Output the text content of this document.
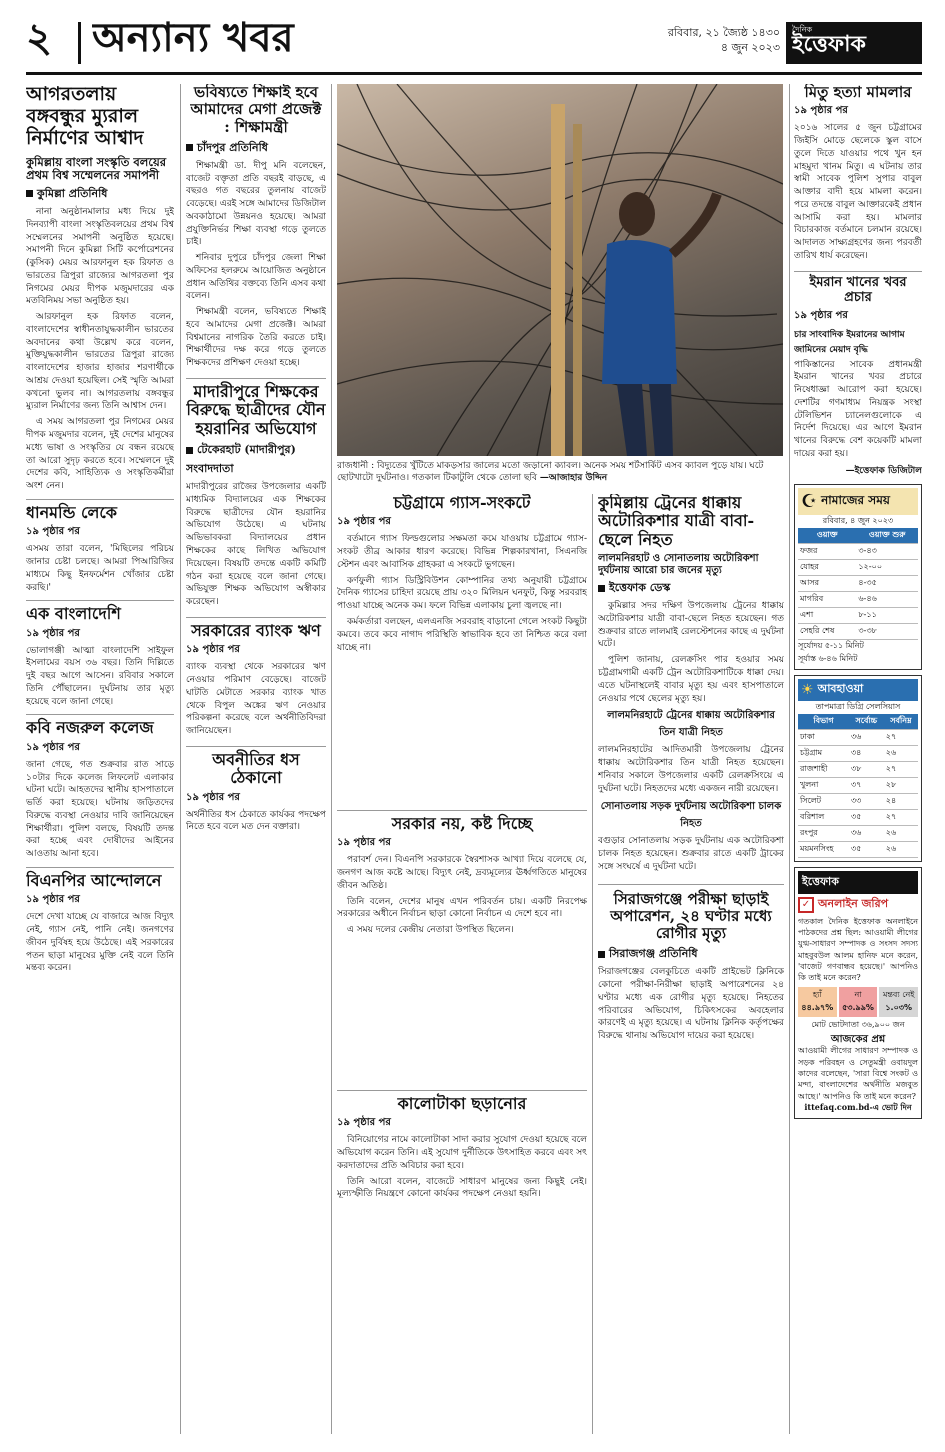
২ অন্যান্য খবর	রবিবার, ২১ জ্যৈষ্ঠ ১৪৩০
৪ জুন ২০২৩
দৈনিক
ইত্তেফাক
আগরতলায় বঙ্গবন্ধুর ম্যুরাল নির্মাণের আশ্বাদ
কুমিল্লায় বাংলা সংস্কৃতি বলয়ের প্রথম বিশ্ব সম্মেলনের সমাপনী
কুমিল্লা প্রতিনিধি

নানা অনুষ্ঠানমালার মধ্য দিয়ে দুই দিনব্যাপী বাংলা সংস্কৃতিবলয়ের প্রথম বিশ্ব সম্মেলনের সমাপনী অনুষ্ঠিত হয়েছে। সমাপনী দিনে কুমিল্লা সিটি কর্পোরেশনের (কুসিক) মেয়র আরফানুল হক রিফাত ও ভারতের ত্রিপুরা রাজ্যের আগরতলা পুর নিগমের মেয়র দীপক মজুমদারের এক মতবিনিময় সভা অনুষ্ঠিত হয়।

আরফানুল হক রিফাত বলেন, বাংলাদেশের স্বাধীনতাযুদ্ধকালীন ভারতের অবদানের কথা উল্লেখ করে বলেন, মুক্তিযুদ্ধকালীন ভারতের ত্রিপুরা রাজ্যে বাংলাদেশের হাজার হাজার শরণার্থীকে আশ্রয় দেওয়া হয়েছিল। সেই স্মৃতি আমরা কখনো ভুলব না। আগরতলায় বঙ্গবন্ধুর ম্যুরাল নির্মাণের জন্য তিনি আশ্বাস দেন।

এ সময় আগরতলা পুর নিগমের মেয়র দীপক মজুমদার বলেন, দুই দেশের মানুষের মধ্যে ভাষা ও সংস্কৃতির যে বন্ধন রয়েছে তা আরো সুদৃঢ় করতে হবে। সম্মেলনে দুই দেশের কবি, সাহিত্যিক ও সংস্কৃতিকর্মীরা অংশ নেন।

ধানমন্ডি লেকে
১৯ পৃষ্ঠার পর
এসময় তারা বলেন, 'মিছিলের পরিচয় জানার চেষ্টা চলছে। আমরা পিআরিজির মাধ্যমে কিছু ইনফর্মেশন খোঁজার চেষ্টা করছি।'
এক বাংলাদেশি
১৯ পৃষ্ঠার পর
ভোলাগঞ্জী আত্মা বাংলাদেশি সাইফুল ইসলামের বয়স ৩৬ বছর। তিনি দিল্লিতে দুই বছর আগে আসেন। রবিবার সকালে তিনি পৌঁছালেন। দুর্ঘটনায় তার মৃত্যু হয়েছে বলে জানা গেছে।
কবি নজরুল কলেজ
১৯ পৃষ্ঠার পর
জানা গেছে, গত শুক্রবার রাত সাড়ে ১০টার দিকে কলেজ লিফলেট এলাকার ঘটনা ঘটে। আহতদের স্থানীয় হাসপাতালে ভর্তি করা হয়েছে। ঘটনায় জড়িতদের বিরুদ্ধে ব্যবস্থা নেওয়ার দাবি জানিয়েছেন শিক্ষার্থীরা। পুলিশ বলছে, বিষয়টি তদন্ত করা হচ্ছে এবং দোষীদের আইনের আওতায় আনা হবে।
বিএনপির আন্দোলনে
১৯ পৃষ্ঠার পর
দেশে দেখা যাচ্ছে যে বাজারে আজ বিদ্যুৎ নেই, গ্যাস নেই, পানি নেই। জনগণের জীবন দুর্বিষহ হয়ে উঠেছে। এই সরকারের পতন ছাড়া মানুষের মুক্তি নেই বলে তিনি মন্তব্য করেন।
ভবিষ্যতে শিক্ষাই হবে আমাদের মেগা প্রজেক্ট : শিক্ষামন্ত্রী
চাঁদপুর প্রতিনিধি

শিক্ষামন্ত্রী ডা. দীপু মনি বলেছেন, বাজেট বক্তৃতা প্রতি বছরই বাড়ছে, এ বছরও গত বছরের তুলনায় বাজেট বেড়েছে। এরই সঙ্গে আমাদের ডিজিটাল অবকাঠামো উন্নয়নও হয়েছে। আমরা প্রযুক্তিনির্ভর শিক্ষা ব্যবস্থা গড়ে তুলতে চাই।

শনিবার দুপুরে চাঁদপুর জেলা শিক্ষা অফিসের হলরুমে আয়োজিত অনুষ্ঠানে প্রধান অতিথির বক্তব্যে তিনি এসব কথা বলেন।

শিক্ষামন্ত্রী বলেন, ভবিষ্যতে শিক্ষাই হবে আমাদের মেগা প্রজেক্ট। আমরা বিশ্বমানের নাগরিক তৈরি করতে চাই। শিক্ষার্থীদের দক্ষ করে গড়ে তুলতে শিক্ষকদের প্রশিক্ষণ দেওয়া হচ্ছে।

মাদারীপুরে শিক্ষকের বিরুদ্ধে ছাত্রীদের যৌন হয়রানির অভিযোগ
টেকেরহাট (মাদারীপুর) সংবাদদাতা
মাদারীপুরের রাজৈর উপজেলার একটি মাধ্যমিক বিদ্যালয়ের এক শিক্ষকের বিরুদ্ধে ছাত্রীদের যৌন হয়রানির অভিযোগ উঠেছে। এ ঘটনায় অভিভাবকরা বিদ্যালয়ের প্রধান শিক্ষকের কাছে লিখিত অভিযোগ দিয়েছেন। বিষয়টি তদন্তে একটি কমিটি গঠন করা হয়েছে বলে জানা গেছে। অভিযুক্ত শিক্ষক অভিযোগ অস্বীকার করেছেন।
সরকারের ব্যাংক ঋণ
১৯ পৃষ্ঠার পর
ব্যাংক ব্যবস্থা থেকে সরকারের ঋণ নেওয়ার পরিমাণ বেড়েছে। বাজেট ঘাটতি মেটাতে সরকার ব্যাংক খাত থেকে বিপুল অঙ্কের ঋণ নেওয়ার পরিকল্পনা করেছে বলে অর্থনীতিবিদরা জানিয়েছেন।
অবনীতির ধস ঠেকানো
১৯ পৃষ্ঠার পর
অর্থনীতির ধস ঠেকাতে কার্যকর পদক্ষেপ নিতে হবে বলে মত দেন বক্তারা।
রাজধানী : বিদ্যুতের খুঁটিতে মাকড়সার জালের মতো জড়ানো ক্যাবল। অনেক সময় শর্টসার্কিট এসব ক্যাবল পুড়ে যায়। ঘটে ছোটখাটো দুর্ঘটনাও। গতকাল টিকাটুলি থেকে তোলা ছবি —আজাহার উদ্দিন
চট্টগ্রামে গ্যাস-সংকটে
১৯ পৃষ্ঠার পর

বর্তমানে গ্যাস ফিল্ডগুলোর সক্ষমতা কমে যাওয়ায় চট্টগ্রামে গ্যাস-সংকট তীব্র আকার ধারণ করেছে। বিভিন্ন শিল্পকারখানা, সিএনজি স্টেশন এবং আবাসিক গ্রাহকরা এ সংকটে ভুগছেন।

কর্ণফুলী গ্যাস ডিস্ট্রিবিউশন কোম্পানির তথ্য অনুযায়ী চট্টগ্রামে দৈনিক গ্যাসের চাহিদা রয়েছে প্রায় ৩২০ মিলিয়ন ঘনফুট, কিন্তু সরবরাহ পাওয়া যাচ্ছে অনেক কম। ফলে বিভিন্ন এলাকায় চুলা জ্বলছে না।

কর্মকর্তারা বলছেন, এলএনজি সরবরাহ বাড়ানো গেলে সংকট কিছুটা কমবে। তবে কবে নাগাদ পরিস্থিতি স্বাভাবিক হবে তা নিশ্চিত করে বলা যাচ্ছে না।

সরকার নয়, কষ্ট দিচ্ছে
১৯ পৃষ্ঠার পর

পরাবর্শ দেন। বিএনপি সরকারকে স্বৈরশাসক আখ্যা দিয়ে বলেছে যে, জনগণ আজ কষ্টে আছে। বিদ্যুৎ নেই, দ্রব্যমূল্যের ঊর্ধ্বগতিতে মানুষের জীবন অতিষ্ঠ।

তিনি বলেন, দেশের মানুষ এখন পরিবর্তন চায়। একটি নিরপেক্ষ সরকারের অধীনে নির্বাচন ছাড়া কোনো নির্বাচন এ দেশে হবে না।

এ সময় দলের কেন্দ্রীয় নেতারা উপস্থিত ছিলেন।

কালোটাকা ছড়ানোর
১৯ পৃষ্ঠার পর

বিনিয়োগের নামে কালোটাকা সাদা করার সুযোগ দেওয়া হয়েছে বলে অভিযোগ করেন তিনি। এই সুযোগ দুর্নীতিকে উৎসাহিত করবে এবং সৎ করদাতাদের প্রতি অবিচার করা হবে।

তিনি আরো বলেন, বাজেটে সাধারণ মানুষের জন্য কিছুই নেই। মূল্যস্ফীতি নিয়ন্ত্রণে কোনো কার্যকর পদক্ষেপ নেওয়া হয়নি।

কুমিল্লায় ট্রেনের ধাক্কায় অটোরিকশার যাত্রী বাবা-ছেলে নিহত
লালমনিরহাট ও সোনাতলায় অটোরিকশা দুর্ঘটনায় আরো চার জনের মৃত্যু
ইত্তেফাক ডেস্ক

কুমিল্লার সদর দক্ষিণ উপজেলায় ট্রেনের ধাক্কায় অটোরিকশার যাত্রী বাবা-ছেলে নিহত হয়েছেন। গত শুক্রবার রাতে লালমাই রেলস্টেশনের কাছে এ দুর্ঘটনা ঘটে।

পুলিশ জানায়, রেলক্রসিং পার হওয়ার সময় চট্টগ্রামগামী একটি ট্রেন অটোরিকশাটিকে ধাক্কা দেয়। এতে ঘটনাস্থলেই বাবার মৃত্যু হয় এবং হাসপাতালে নেওয়ার পথে ছেলের মৃত্যু হয়।

লালমনিরহাটে ট্রেনের ধাক্কায় অটোরিকশার তিন যাত্রী নিহত
লালমনিরহাটের আদিতমারী উপজেলায় ট্রেনের ধাক্কায় অটোরিকশার তিন যাত্রী নিহত হয়েছেন। শনিবার সকালে উপজেলার একটি রেলক্রসিংয়ে এ দুর্ঘটনা ঘটে। নিহতদের মধ্যে একজন নারী রয়েছেন।
সোনাতলায় সড়ক দুর্ঘটনায় অটোরিকশা চালক নিহত
বগুড়ার সোনাতলায় সড়ক দুর্ঘটনায় এক অটোরিকশা চালক নিহত হয়েছেন। শুক্রবার রাতে একটি ট্রাকের সঙ্গে সংঘর্ষে এ দুর্ঘটনা ঘটে।
সিরাজগঞ্জে পরীক্ষা ছাড়াই অপারেশন, ২৪ ঘণ্টার মধ্যে রোগীর মৃত্যু
সিরাজগঞ্জ প্রতিনিধি
সিরাজগঞ্জের বেলকুচিতে একটি প্রাইভেট ক্লিনিকে কোনো পরীক্ষা-নিরীক্ষা ছাড়াই অপারেশনের ২৪ ঘণ্টার মধ্যে এক রোগীর মৃত্যু হয়েছে। নিহতের পরিবারের অভিযোগ, চিকিৎসকের অবহেলার কারণেই এ মৃত্যু হয়েছে। এ ঘটনায় ক্লিনিক কর্তৃপক্ষের বিরুদ্ধে থানায় অভিযোগ দায়ের করা হয়েছে।
মিতু হত্যা মামলার
১৯ পৃষ্ঠার পর
২০১৬ সালের ৫ জুন চট্টগ্রামের জিইসি মোড়ে ছেলেকে স্কুল বাসে তুলে দিতে যাওয়ার পথে খুন হন মাহমুদা খানম মিতু। এ ঘটনায় তার স্বামী সাবেক পুলিশ সুপার বাবুল আক্তার বাদী হয়ে মামলা করেন। পরে তদন্তে বাবুল আক্তারকেই প্রধান আসামি করা হয়। মামলার বিচারকাজ বর্তমানে চলমান রয়েছে। আদালত সাক্ষ্যগ্রহণের জন্য পরবর্তী তারিখ ধার্য করেছেন।
ইমরান খানের খবর প্রচার
১৯ পৃষ্ঠার পর
চার সাংবাদিক ইমরানের আগাম জামিনের মেয়াদ বৃদ্ধি
পাকিস্তানের সাবেক প্রধানমন্ত্রী ইমরান খানের খবর প্রচারে নিষেধাজ্ঞা আরোপ করা হয়েছে। দেশটির গণমাধ্যম নিয়ন্ত্রক সংস্থা টেলিভিশন চ্যানেলগুলোকে এ নির্দেশ দিয়েছে। এর আগে ইমরান খানের বিরুদ্ধে বেশ কয়েকটি মামলা দায়ের করা হয়।
—ইত্তেফাক ডিজিটাল
☪ নামাজের সময়
রবিবার, ৪ জুন ২০২৩
ওয়াক্ত	ওয়াক্ত শুরু
ফজর	৩-৪৩
যোহর	১২-০০
আসর	৪-৩৫
মাগরিব	৬-৪৬
এশা	৮-১১
সেহরি শেষ	৩-৩৮
সূর্যোদয় ৫-১১ মিনিট
সূর্যাস্ত ৬-৪৬ মিনিট
☀ আবহাওয়া
তাপমাত্রা ডিগ্রি সেলসিয়াস
বিভাগ	সর্বোচ্চ	সর্বনিম্ন
ঢাকা	৩৬	২৭
চট্টগ্রাম	৩৪	২৬
রাজশাহী	৩৮	২৭
খুলনা	৩৭	২৮
সিলেট	৩৩	২৪
বরিশাল	৩৫	২৭
রংপুর	৩৬	২৬
ময়মনসিংহ	৩৫	২৬
ইত্তেফাক
✓ অনলাইন জরিপ
গতকাল দৈনিক ইত্তেফাক অনলাইনে পাঠকদের প্রশ্ন ছিল: আওয়ামী লীগের যুগ্ম-সাধারণ সম্পাদক ও সংসদ সদস্য মাহবুবউল আলম হানিফ মনে করেন, 'বাজেট গণবান্ধব হয়েছে।' আপনিও কি তাই মনে করেন?
হ্যাঁ
৪৪.৯৭%
না
৫৩.৯৯%
মন্তব্য নেই
১.০৩%
মোট ভোটদাতা ৩৬,৯০০ জন
আজকের প্রশ্ন
আওয়ামী লীগের সাধারণ সম্পাদক ও সড়ক পরিবহন ও সেতুমন্ত্রী ওবায়দুল কাদের বলেছেন, 'সারা বিশ্বে সংকট ও মন্দা, বাংলাদেশের অর্থনীতি মজবুত আছে।' আপনিও কি তাই মনে করেন?
ittefaq.com.bd-এ ভোট দিন
